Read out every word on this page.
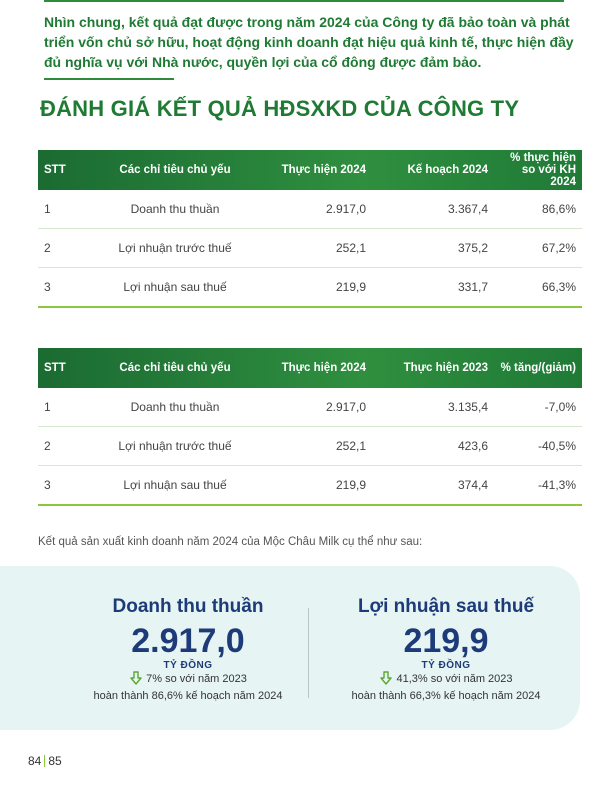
Nhìn chung, kết quả đạt được trong năm 2024 của Công ty đã bảo toàn và phát triển vốn chủ sở hữu, hoạt động kinh doanh đạt hiệu quả kinh tế, thực hiện đầy đủ nghĩa vụ với Nhà nước, quyền lợi của cổ đông được đảm bảo.
ĐÁNH GIÁ KẾT QUẢ HĐSXKD CỦA CÔNG TY
STT	Các chỉ tiêu chủ yếu	Thực hiện 2024	Kế hoạch 2024	% thực hiện so với KH 2024
1	Doanh thu thuần	2.917,0	3.367,4	86,6%
2	Lợi nhuận trước thuế	252,1	375,2	67,2%
3	Lợi nhuận sau thuế	219,9	331,7	66,3%
STT	Các chỉ tiêu chủ yếu	Thực hiện 2024	Thực hiện 2023	% tăng/(giảm)
1	Doanh thu thuần	2.917,0	3.135,4	-7,0%
2	Lợi nhuận trước thuế	252,1	423,6	-40,5%
3	Lợi nhuận sau thuế	219,9	374,4	-41,3%
Kết quả sản xuất kinh doanh năm 2024 của Mộc Châu Milk cụ thể như sau:
Doanh thu thuần
2.917,0
TỶ ĐỒNG
7% so với năm 2023
hoàn thành 86,6% kế hoạch năm 2024
Lợi nhuận sau thuế
219,9
TỶ ĐỒNG
41,3% so với năm 2023
hoàn thành 66,3% kế hoạch năm 2024
84 85
